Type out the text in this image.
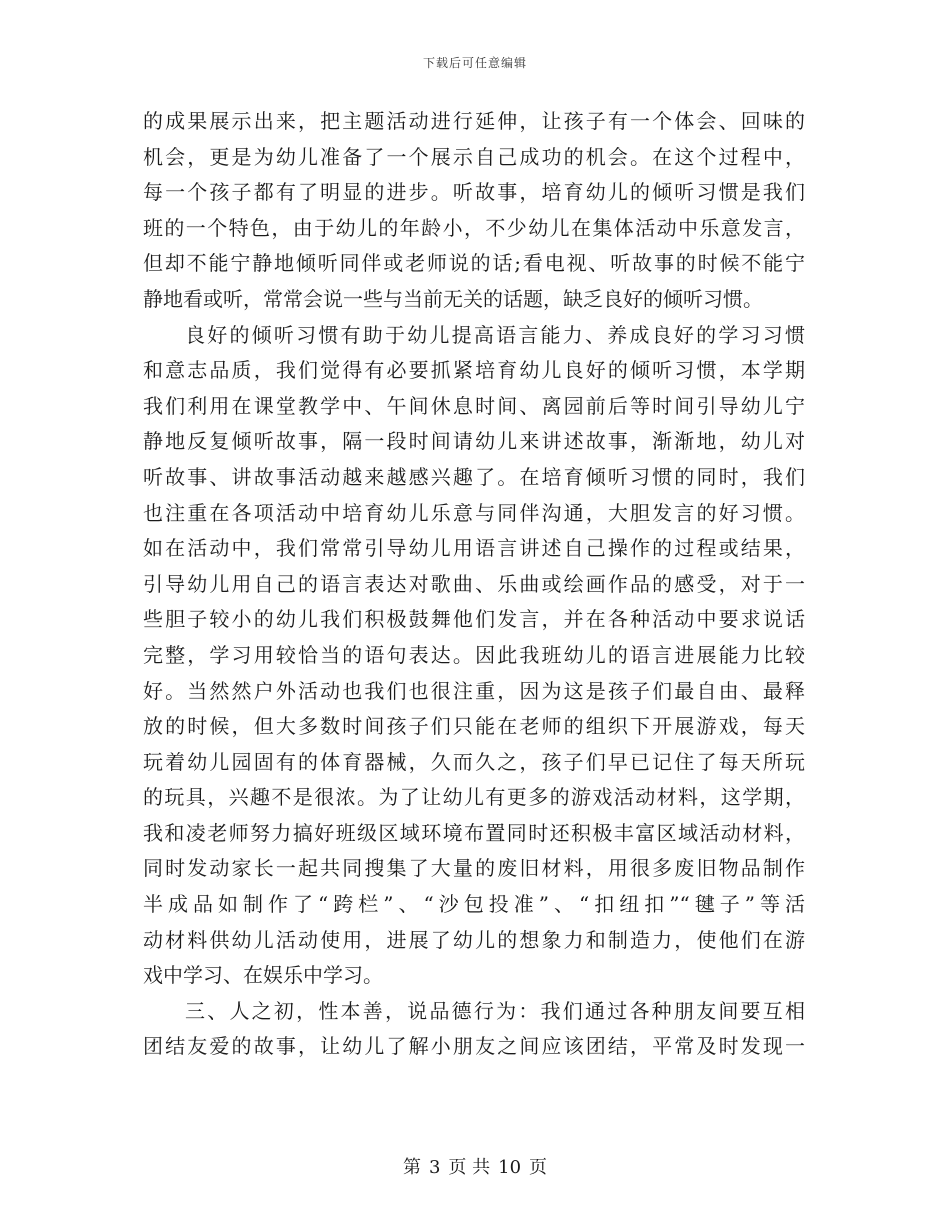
下载后可任意编辑
的成果展示出来，把主题活动进行延伸，让孩子有一个体会、回味的
机会，更是为幼儿准备了一个展示自己成功的机会。在这个过程中，
每一个孩子都有了明显的进步。听故事，培育幼儿的倾听习惯是我们
班的一个特色，由于幼儿的年龄小，不少幼儿在集体活动中乐意发言，
但却不能宁静地倾听同伴或老师说的话;看电视、听故事的时候不能宁
静地看或听，常常会说一些与当前无关的话题，缺乏良好的倾听习惯。
良好的倾听习惯有助于幼儿提高语言能力、养成良好的学习习惯
和意志品质，我们觉得有必要抓紧培育幼儿良好的倾听习惯，本学期
我们利用在课堂教学中、午间休息时间、离园前后等时间引导幼儿宁
静地反复倾听故事，隔一段时间请幼儿来讲述故事，渐渐地，幼儿对
听故事、讲故事活动越来越感兴趣了。在培育倾听习惯的同时，我们
也注重在各项活动中培育幼儿乐意与同伴沟通，大胆发言的好习惯。
如在活动中，我们常常引导幼儿用语言讲述自己操作的过程或结果，
引导幼儿用自己的语言表达对歌曲、乐曲或绘画作品的感受，对于一
些胆子较小的幼儿我们积极鼓舞他们发言，并在各种活动中要求说话
完整，学习用较恰当的语句表达。因此我班幼儿的语言进展能力比较
好。当然然户外活动也我们也很注重，因为这是孩子们最自由、最释
放的时候，但大多数时间孩子们只能在老师的组织下开展游戏，每天
玩着幼儿园固有的体育器械，久而久之，孩子们早已记住了每天所玩
的玩具，兴趣不是很浓。为了让幼儿有更多的游戏活动材料，这学期，
我和凌老师努力搞好班级区域环境布置同时还积极丰富区域活动材料，
同时发动家长一起共同搜集了大量的废旧材料，用很多废旧物品制作
半成品如制作了“跨栏”、“沙包投准”、“扣纽扣”“毽子”等活
动材料供幼儿活动使用，进展了幼儿的想象力和制造力，使他们在游
戏中学习、在娱乐中学习。
三、人之初，性本善，说品德行为：我们通过各种朋友间要互相
团结友爱的故事，让幼儿了解小朋友之间应该团结，平常及时发现一
第 3 页 共 10 页
